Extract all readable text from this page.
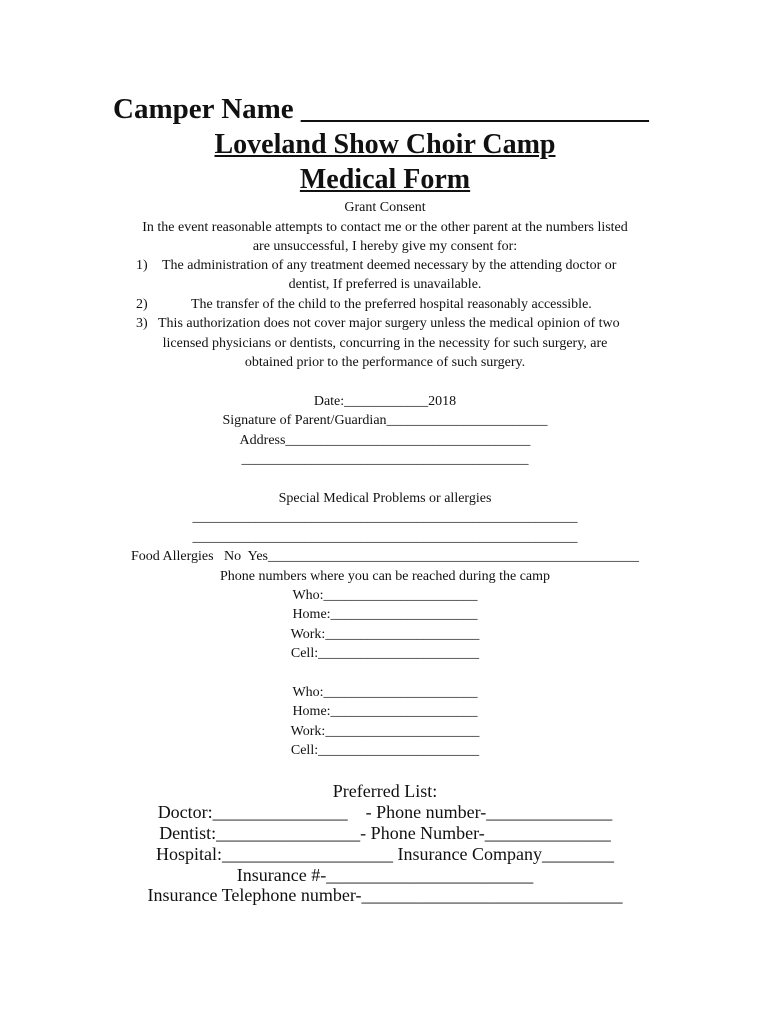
Camper Name ________________________
Loveland Show Choir Camp
Medical Form
Grant Consent
In the event reasonable attempts to contact me or the other parent at the numbers listed
are unsuccessful, I hereby give my consent for:
1) The administration of any treatment deemed necessary by the attending doctor or
dentist, If preferred is unavailable.
2)	The transfer of the child to the preferred hospital reasonably accessible.
3) This authorization does not cover major surgery unless the medical opinion of two
licensed physicians or dentists, concurring in the necessity for such surgery, are
obtained prior to the performance of such surgery.
Date:____________2018
Signature of Parent/Guardian_______________________
Address___________________________________
_________________________________________
Special Medical Problems or allergies
_______________________________________________________
_______________________________________________________
Food Allergies   No  Yes_____________________________________________________
Phone numbers where you can be reached during the camp
Who:______________________
Home:_____________________
Work:______________________
Cell:_______________________
Who:______________________
Home:_____________________
Work:______________________
Cell:_______________________
Preferred List:
Doctor:_______________    - Phone number-______________
Dentist:________________- Phone Number-______________
Hospital:___________________ Insurance Company________
Insurance #-_______________________
Insurance Telephone number-_____________________________
